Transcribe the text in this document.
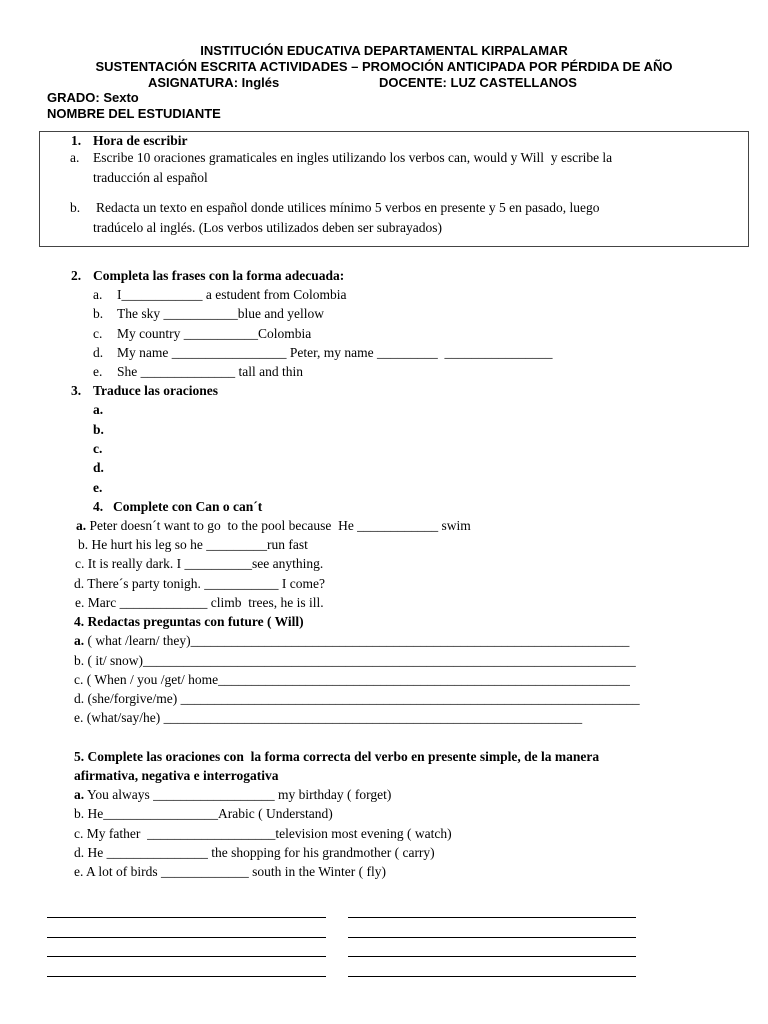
INSTITUCIÓN EDUCATIVA DEPARTAMENTAL KIRPALAMAR
SUSTENTACIÓN ESCRITA ACTIVIDADES – PROMOCIÓN ANTICIPADA POR PÉRDIDA DE AÑO
ASIGNATURA: Inglés	DOCENTE: LUZ CASTELLANOS
GRADO: Sexto
NOMBRE DEL ESTUDIANTE
1. Hora de escribir
a. Escribe 10 oraciones gramaticales en ingles utilizando los verbos can, would y Will  y escribe la
traducción al español
b. Redacta un texto en español donde utilices mínimo 5 verbos en presente y 5 en pasado, luego
tradúcelo al inglés. (Los verbos utilizados deben ser subrayados)
2. Completa las frases con la forma adecuada:
a. I____________ a estudent from Colombia
b. The sky ___________blue and yellow
c. My country ___________Colombia
d. My name _________________ Peter, my name _________  ________________
e. She ______________ tall and thin
3. Traduce las oraciones
a.
b.
c.
d.
e.
4. Complete con Can o can´t
a. Peter doesn´t want to go  to the pool because  He ____________ swim
b. He hurt his leg so he _________run fast
c. It is really dark. I __________see anything.
d. There´s party tonigh. ___________ I come?
e. Marc _____________ climb  trees, he is ill.
4. Redactas preguntas con future ( Will)
a. ( what /learn/ they)_________________________________________________________________
b. ( it/ snow)_________________________________________________________________________
c. ( When / you /get/ home_____________________________________________________________
d. (she/forgive/me) ____________________________________________________________________
e. (what/say/he) ______________________________________________________________
5. Complete las oraciones con  la forma correcta del verbo en presente simple, de la manera
afirmativa, negativa e interrogativa
a. You always __________________ my birthday ( forget)
b. He_________________Arabic ( Understand)
c. My father  ___________________television most evening ( watch)
d. He _______________ the shopping for his grandmother ( carry)
e. A lot of birds _____________ south in the Winter ( fly)
